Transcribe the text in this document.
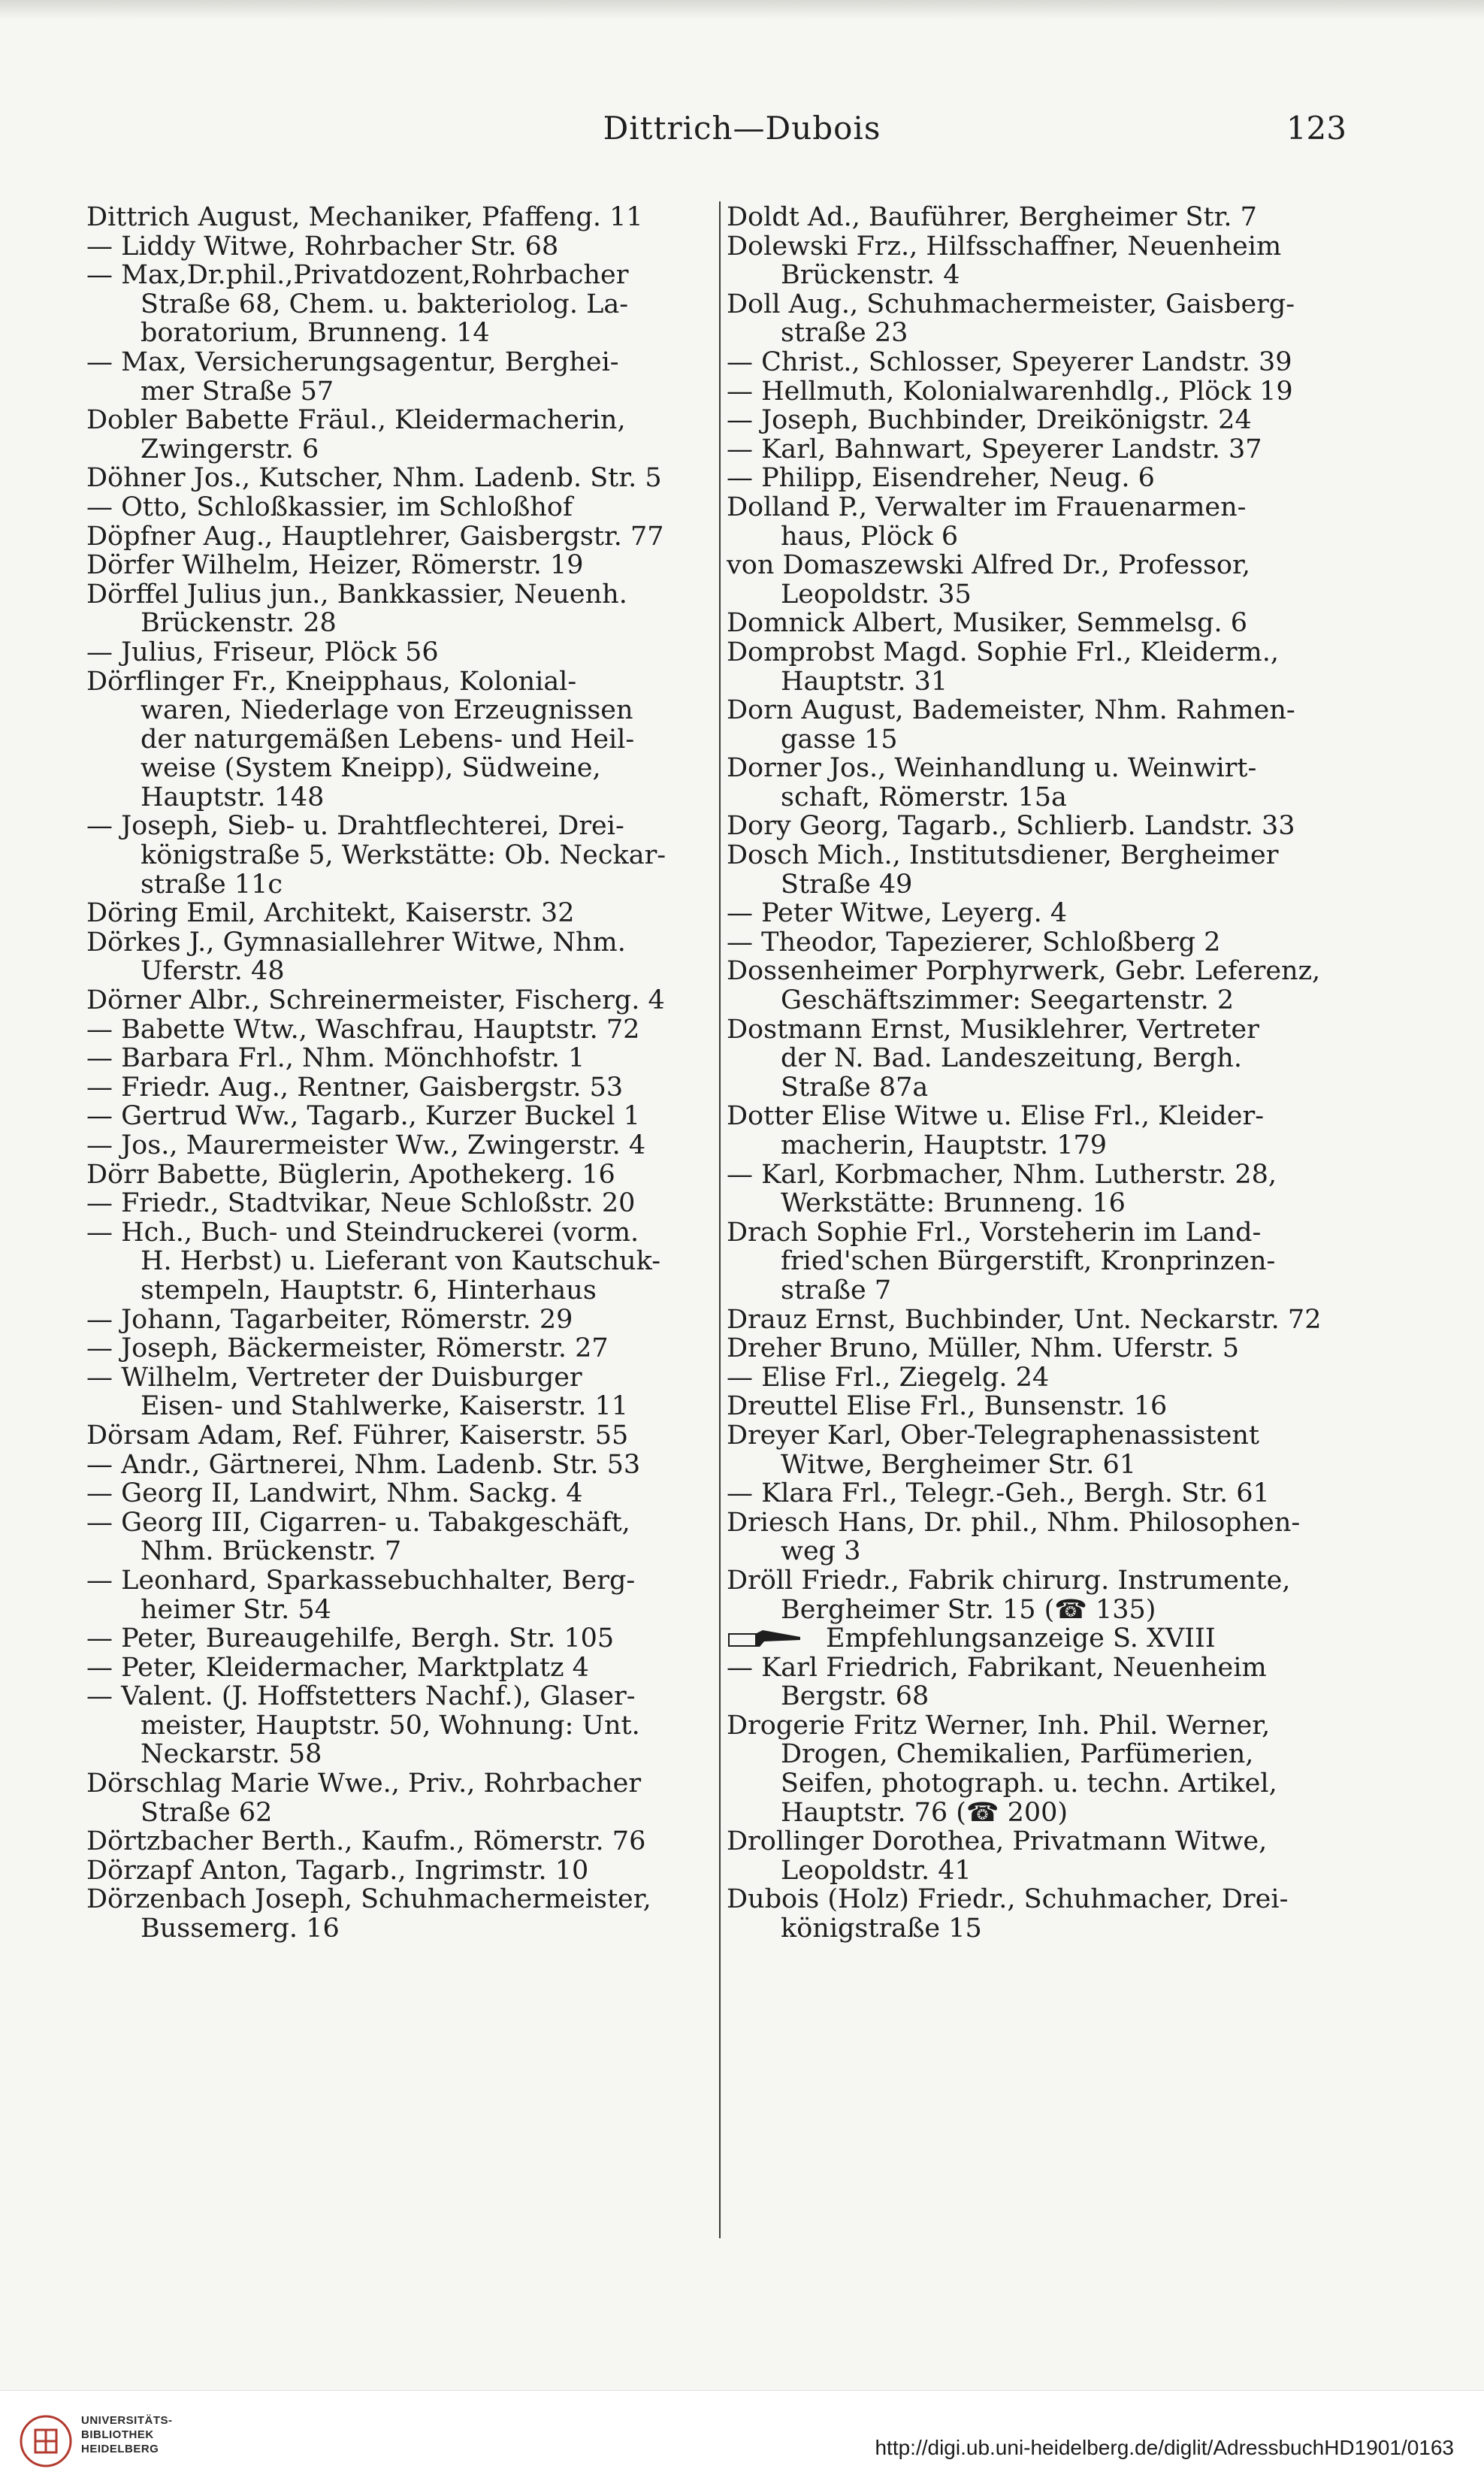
Dittrich—Dubois	123
Dittrich August, Mechaniker, Pfaffeng. 11
— Liddy Witwe, Rohrbacher Str. 68
— Max,Dr.phil.,Privatdozent,Rohrbacher
Straße 68, Chem. u. bakteriolog. La-
boratorium, Brunneng. 14
— Max, Versicherungsagentur, Berghei-
mer Straße 57
Dobler Babette Fräul., Kleidermacherin,
Zwingerstr. 6
Döhner Jos., Kutscher, Nhm. Ladenb. Str. 5
— Otto, Schloßkassier, im Schloßhof
Döpfner Aug., Hauptlehrer, Gaisbergstr. 77
Dörfer Wilhelm, Heizer, Römerstr. 19
Dörffel Julius jun., Bankkassier, Neuenh.
Brückenstr. 28
— Julius, Friseur, Plöck 56
Dörflinger Fr., Kneipphaus, Kolonial-
waren, Niederlage von Erzeugnissen
der naturgemäßen Lebens- und Heil-
weise (System Kneipp), Südweine,
Hauptstr. 148
— Joseph, Sieb- u. Drahtflechterei, Drei-
königstraße 5, Werkstätte: Ob. Neckar-
straße 11c
Döring Emil, Architekt, Kaiserstr. 32
Dörkes J., Gymnasiallehrer Witwe, Nhm.
Uferstr. 48
Dörner Albr., Schreinermeister, Fischerg. 4
— Babette Wtw., Waschfrau, Hauptstr. 72
— Barbara Frl., Nhm. Mönchhofstr. 1
— Friedr. Aug., Rentner, Gaisbergstr. 53
— Gertrud Ww., Tagarb., Kurzer Buckel 1
— Jos., Maurermeister Ww., Zwingerstr. 4
Dörr Babette, Büglerin, Apothekerg. 16
— Friedr., Stadtvikar, Neue Schloßstr. 20
— Hch., Buch- und Steindruckerei (vorm.
H. Herbst) u. Lieferant von Kautschuk-
stempeln, Hauptstr. 6, Hinterhaus
— Johann, Tagarbeiter, Römerstr. 29
— Joseph, Bäckermeister, Römerstr. 27
— Wilhelm, Vertreter der Duisburger
Eisen- und Stahlwerke, Kaiserstr. 11
Dörsam Adam, Ref. Führer, Kaiserstr. 55
— Andr., Gärtnerei, Nhm. Ladenb. Str. 53
— Georg II, Landwirt, Nhm. Sackg. 4
— Georg III, Cigarren- u. Tabakgeschäft,
Nhm. Brückenstr. 7
— Leonhard, Sparkassebuchhalter, Berg-
heimer Str. 54
— Peter, Bureaugehilfe, Bergh. Str. 105
— Peter, Kleidermacher, Marktplatz 4
— Valent. (J. Hoffstetters Nachf.), Glaser-
meister, Hauptstr. 50, Wohnung: Unt.
Neckarstr. 58
Dörschlag Marie Wwe., Priv., Rohrbacher
Straße 62
Dörtzbacher Berth., Kaufm., Römerstr. 76
Dörzapf Anton, Tagarb., Ingrimstr. 10
Dörzenbach Joseph, Schuhmachermeister,
Bussemerg. 16
Doldt Ad., Bauführer, Bergheimer Str. 7
Dolewski Frz., Hilfsschaffner, Neuenheim
Brückenstr. 4
Doll Aug., Schuhmachermeister, Gaisberg-
straße 23
— Christ., Schlosser, Speyerer Landstr. 39
— Hellmuth, Kolonialwarenhdlg., Plöck 19
— Joseph, Buchbinder, Dreikönigstr. 24
— Karl, Bahnwart, Speyerer Landstr. 37
— Philipp, Eisendreher, Neug. 6
Dolland P., Verwalter im Frauenarmen-
haus, Plöck 6
von Domaszewski Alfred Dr., Professor,
Leopoldstr. 35
Domnick Albert, Musiker, Semmelsg. 6
Domprobst Magd. Sophie Frl., Kleiderm.,
Hauptstr. 31
Dorn August, Bademeister, Nhm. Rahmen-
gasse 15
Dorner Jos., Weinhandlung u. Weinwirt-
schaft, Römerstr. 15a
Dory Georg, Tagarb., Schlierb. Landstr. 33
Dosch Mich., Institutsdiener, Bergheimer
Straße 49
— Peter Witwe, Leyerg. 4
— Theodor, Tapezierer, Schloßberg 2
Dossenheimer Porphyrwerk, Gebr. Leferenz,
Geschäftszimmer: Seegartenstr. 2
Dostmann Ernst, Musiklehrer, Vertreter
der N. Bad. Landeszeitung, Bergh.
Straße 87a
Dotter Elise Witwe u. Elise Frl., Kleider-
macherin, Hauptstr. 179
— Karl, Korbmacher, Nhm. Lutherstr. 28,
Werkstätte: Brunneng. 16
Drach Sophie Frl., Vorsteherin im Land-
fried'schen Bürgerstift, Kronprinzen-
straße 7
Drauz Ernst, Buchbinder, Unt. Neckarstr. 72
Dreher Bruno, Müller, Nhm. Uferstr. 5
— Elise Frl., Ziegelg. 24
Dreuttel Elise Frl., Bunsenstr. 16
Dreyer Karl, Ober-Telegraphenassistent
Witwe, Bergheimer Str. 61
— Klara Frl., Telegr.-Geh., Bergh. Str. 61
Driesch Hans, Dr. phil., Nhm. Philosophen-
weg 3
Dröll Friedr., Fabrik chirurg. Instrumente,
Bergheimer Str. 15 (☎ 135)
Empfehlungsanzeige S. XVIII
— Karl Friedrich, Fabrikant, Neuenheim
Bergstr. 68
Drogerie Fritz Werner, Inh. Phil. Werner,
Drogen, Chemikalien, Parfümerien,
Seifen, photograph. u. techn. Artikel,
Hauptstr. 76 (☎ 200)
Drollinger Dorothea, Privatmann Witwe,
Leopoldstr. 41
Dubois (Holz) Friedr., Schuhmacher, Drei-
königstraße 15
UNIVERSITÄTS-
BIBLIOTHEK
HEIDELBERG	http://digi.ub.uni-heidelberg.de/diglit/AdressbuchHD1901/0163
